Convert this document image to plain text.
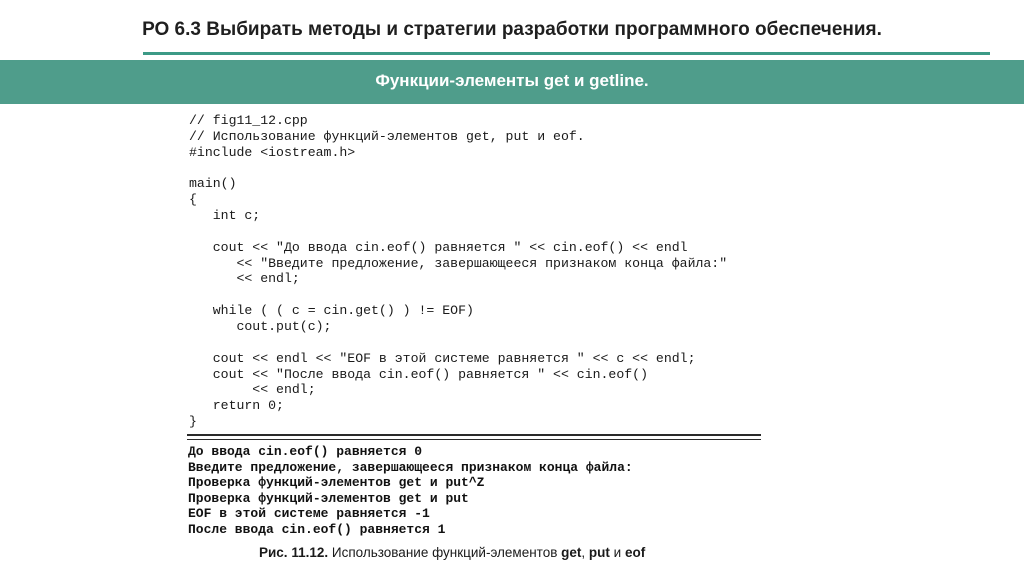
РО 6.3 Выбирать методы и стратегии разработки программного обеспечения.
Функции-элементы get и getline.
// fig11_12.cpp
// Использование функций-элементов get, put и eof.
#include <iostream.h>

main()
{
int c;

cout << "До ввода cin.eof() равняется " << cin.eof() << endl
<< "Введите предложение, завершающееся признаком конца файла:"
<< endl;

while ( ( c = cin.get() ) != EOF)
cout.put(c);

cout << endl << "EOF в этой системе равняется " << c << endl;
cout << "После ввода cin.eof() равняется " << cin.eof()
<< endl;
return 0;
}
До ввода cin.eof() равняется 0
Введите предложение, завершающееся признаком конца файла:
Проверка функций-элементов get и put^Z
Проверка функций-элементов get и put
EOF в этой системе равняется -1
После ввода cin.eof() равняется 1

Рис. 11.12. Использование функций-элементов get, put и eof
